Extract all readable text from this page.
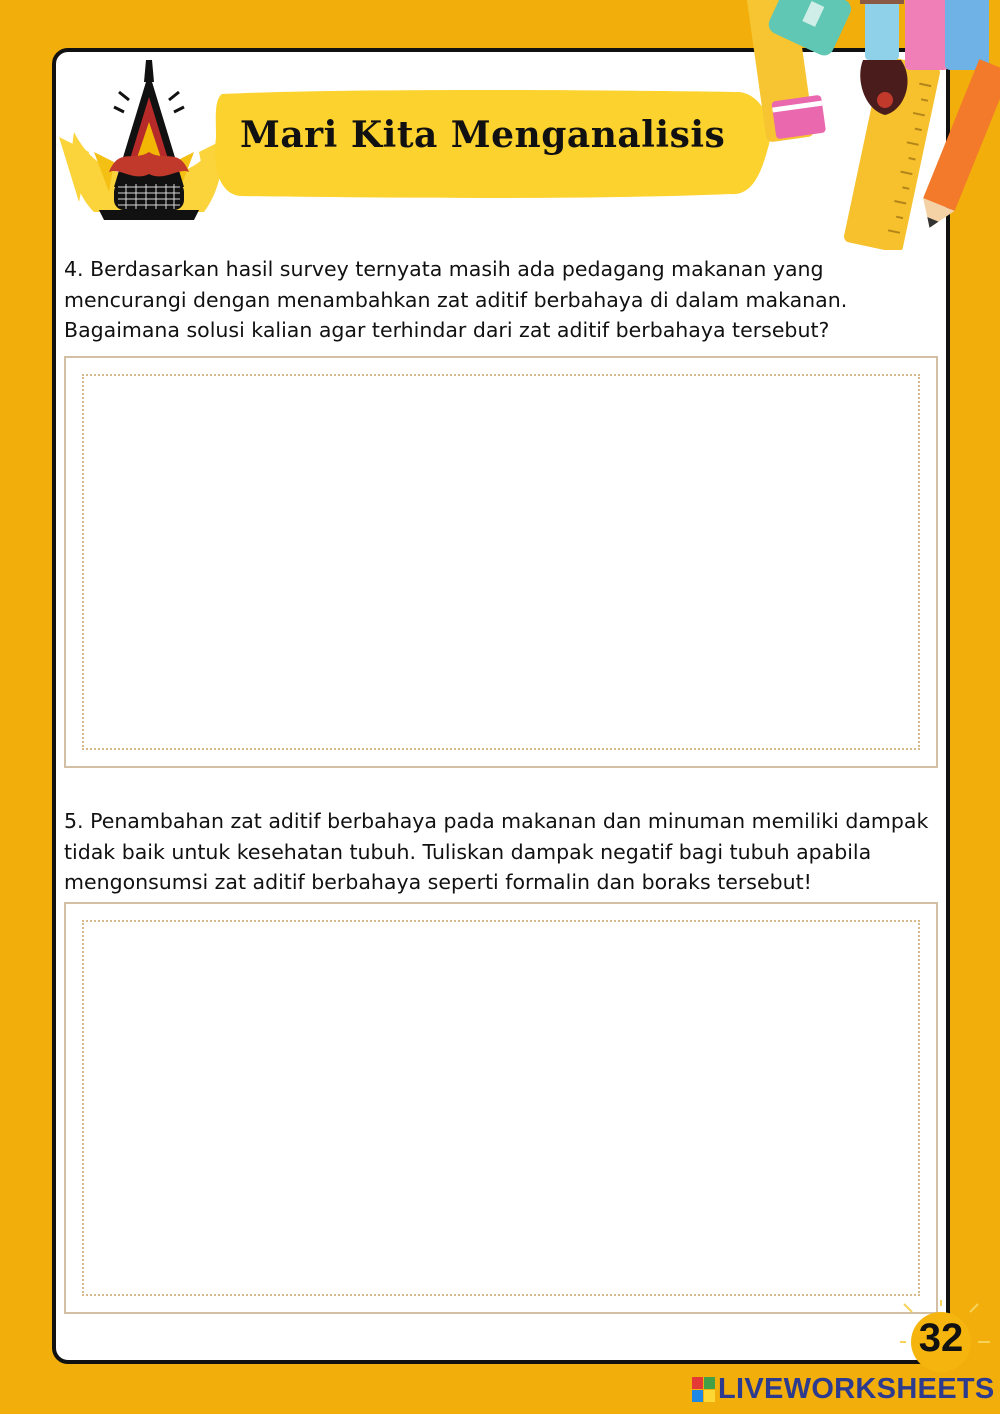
Mari Kita Menganalisis
4. Berdasarkan hasil survey ternyata masih ada pedagang makanan yang
mencurangi dengan menambahkan zat aditif berbahaya di dalam makanan.
Bagaimana solusi kalian agar terhindar dari zat aditif berbahaya tersebut?
5. Penambahan zat aditif berbahaya pada makanan dan minuman memiliki dampak
tidak baik untuk kesehatan tubuh. Tuliskan dampak negatif bagi tubuh apabila
mengonsumsi zat aditif berbahaya seperti formalin dan boraks tersebut!
32
LIVEWORKSHEETS
